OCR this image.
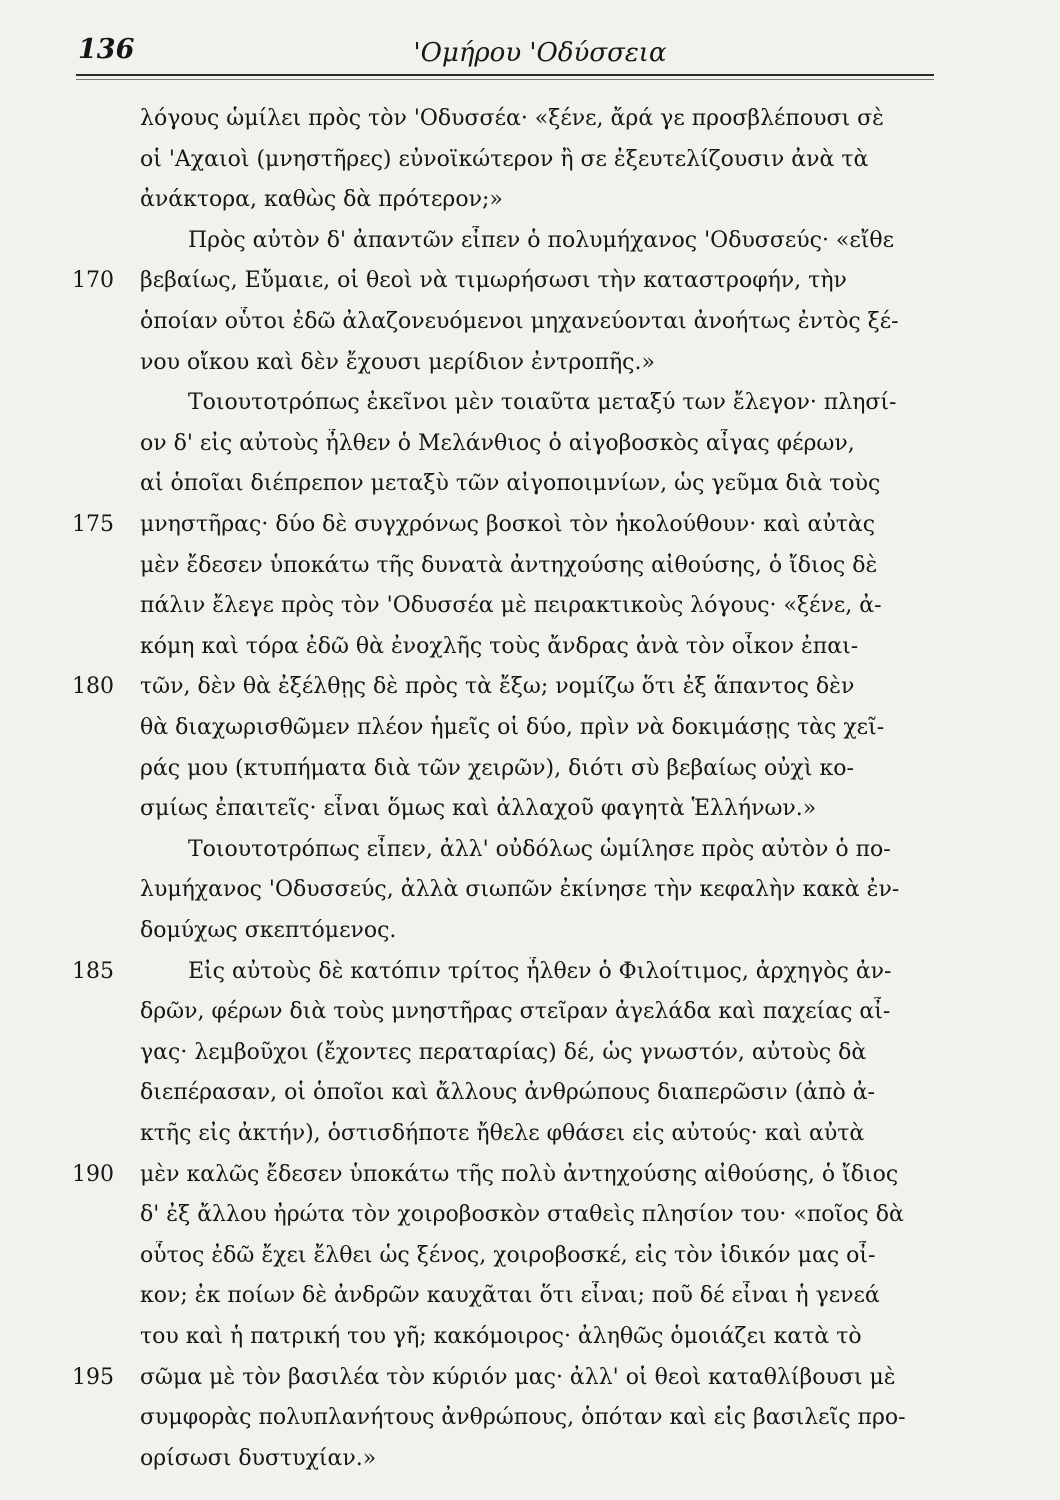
136	'Ομήρου 'Οδύσσεια
λόγους ὡμίλει πρὸς τὸν 'Οδυσσέα· «ξένε, ἄρά γε προσβλέπουσι σὲ
οἱ 'Αχαιοὶ (μνηστῆρες) εὐνοϊκώτερον ἢ σε ἐξευτελίζουσιν ἀνὰ τὰ
ἀνάκτορα, καθὼς δὰ πρότερον;»
Πρὸς αὐτὸν δ' ἀπαντῶν εἶπεν ὁ πολυμήχανος 'Οδυσσεύς· «εἴθε
βεβαίως, Εὔμαιε, οἱ θεοὶ νὰ τιμωρήσωσι τὴν καταστροφήν, τὴν
170
ὁποίαν οὗτοι ἐδῶ ἀλαζονευόμενοι μηχανεύονται ἀνοήτως ἐντὸς ξέ-
νου οἴκου καὶ δὲν ἔχουσι μερίδιον ἐντροπῆς.»
Τοιουτοτρόπως ἐκεῖνοι μὲν τοιαῦτα μεταξύ των ἔλεγον· πλησί-
ον δ' εἰς αὐτοὺς ἦλθεν ὁ Μελάνθιος ὁ αἰγοβοσκὸς αἶγας φέρων,
αἱ ὁποῖαι διέπρεπον μεταξὺ τῶν αἰγοποιμνίων, ὡς γεῦμα διὰ τοὺς
μνηστῆρας· δύο δὲ συγχρόνως βοσκοὶ τὸν ἠκολούθουν· καὶ αὐτὰς
175
μὲν ἔδεσεν ὑποκάτω τῆς δυνατὰ ἀντηχούσης αἰθούσης, ὁ ἴδιος δὲ
πάλιν ἔλεγε πρὸς τὸν 'Οδυσσέα μὲ πειρακτικοὺς λόγους· «ξένε, ἀ-
κόμη καὶ τόρα ἐδῶ θὰ ἐνοχλῆς τοὺς ἄνδρας ἀνὰ τὸν οἶκον ἐπαι-
τῶν, δὲν θὰ ἐξέλθῃς δὲ πρὸς τὰ ἔξω; νομίζω ὅτι ἐξ ἅπαντος δὲν
180
θὰ διαχωρισθῶμεν πλέον ἡμεῖς οἱ δύο, πρὶν νὰ δοκιμάσῃς τὰς χεῖ-
ράς μου (κτυπήματα διὰ τῶν χειρῶν), διότι σὺ βεβαίως οὐχὶ κο-
σμίως ἐπαιτεῖς· εἶναι ὅμως καὶ ἀλλαχοῦ φαγητὰ Ἑλλήνων.»
Τοιουτοτρόπως εἶπεν, ἀλλ' οὐδόλως ὡμίλησε πρὸς αὐτὸν ὁ πο-
λυμήχανος 'Οδυσσεύς, ἀλλὰ σιωπῶν ἐκίνησε τὴν κεφαλὴν κακὰ ἐν-
δομύχως σκεπτόμενος.
Εἰς αὐτοὺς δὲ κατόπιν τρίτος ἦλθεν ὁ Φιλοίτιμος, ἀρχηγὸς ἀν-
185
δρῶν, φέρων διὰ τοὺς μνηστῆρας στεῖραν ἀγελάδα καὶ παχείας αἶ-
γας· λεμβοῦχοι (ἔχοντες περαταρίας) δέ, ὡς γνωστόν, αὐτοὺς δὰ
διεπέρασαν, οἱ ὁποῖοι καὶ ἄλλους ἀνθρώπους διαπερῶσιν (ἀπὸ ἀ-
κτῆς εἰς ἀκτήν), ὁστισδήποτε ἤθελε φθάσει εἰς αὐτούς· καὶ αὐτὰ
μὲν καλῶς ἔδεσεν ὑποκάτω τῆς πολὺ ἀντηχούσης αἰθούσης, ὁ ἴδιος
190
δ' ἐξ ἄλλου ἠρώτα τὸν χοιροβοσκὸν σταθεὶς πλησίον του· «ποῖος δὰ
οὗτος ἐδῶ ἔχει ἔλθει ὡς ξένος, χοιροβοσκέ, εἰς τὸν ἰδικόν μας οἶ-
κον; ἐκ ποίων δὲ ἀνδρῶν καυχᾶται ὅτι εἶναι; ποῦ δέ εἶναι ἡ γενεά
του καὶ ἡ πατρική του γῆ; κακόμοιρος· ἀληθῶς ὁμοιάζει κατὰ τὸ
σῶμα μὲ τὸν βασιλέα τὸν κύριόν μας· ἀλλ' οἱ θεοὶ καταθλίβουσι μὲ
195
συμφορὰς πολυπλανήτους ἀνθρώπους, ὁπόταν καὶ εἰς βασιλεῖς προ-
ορίσωσι δυστυχίαν.»
